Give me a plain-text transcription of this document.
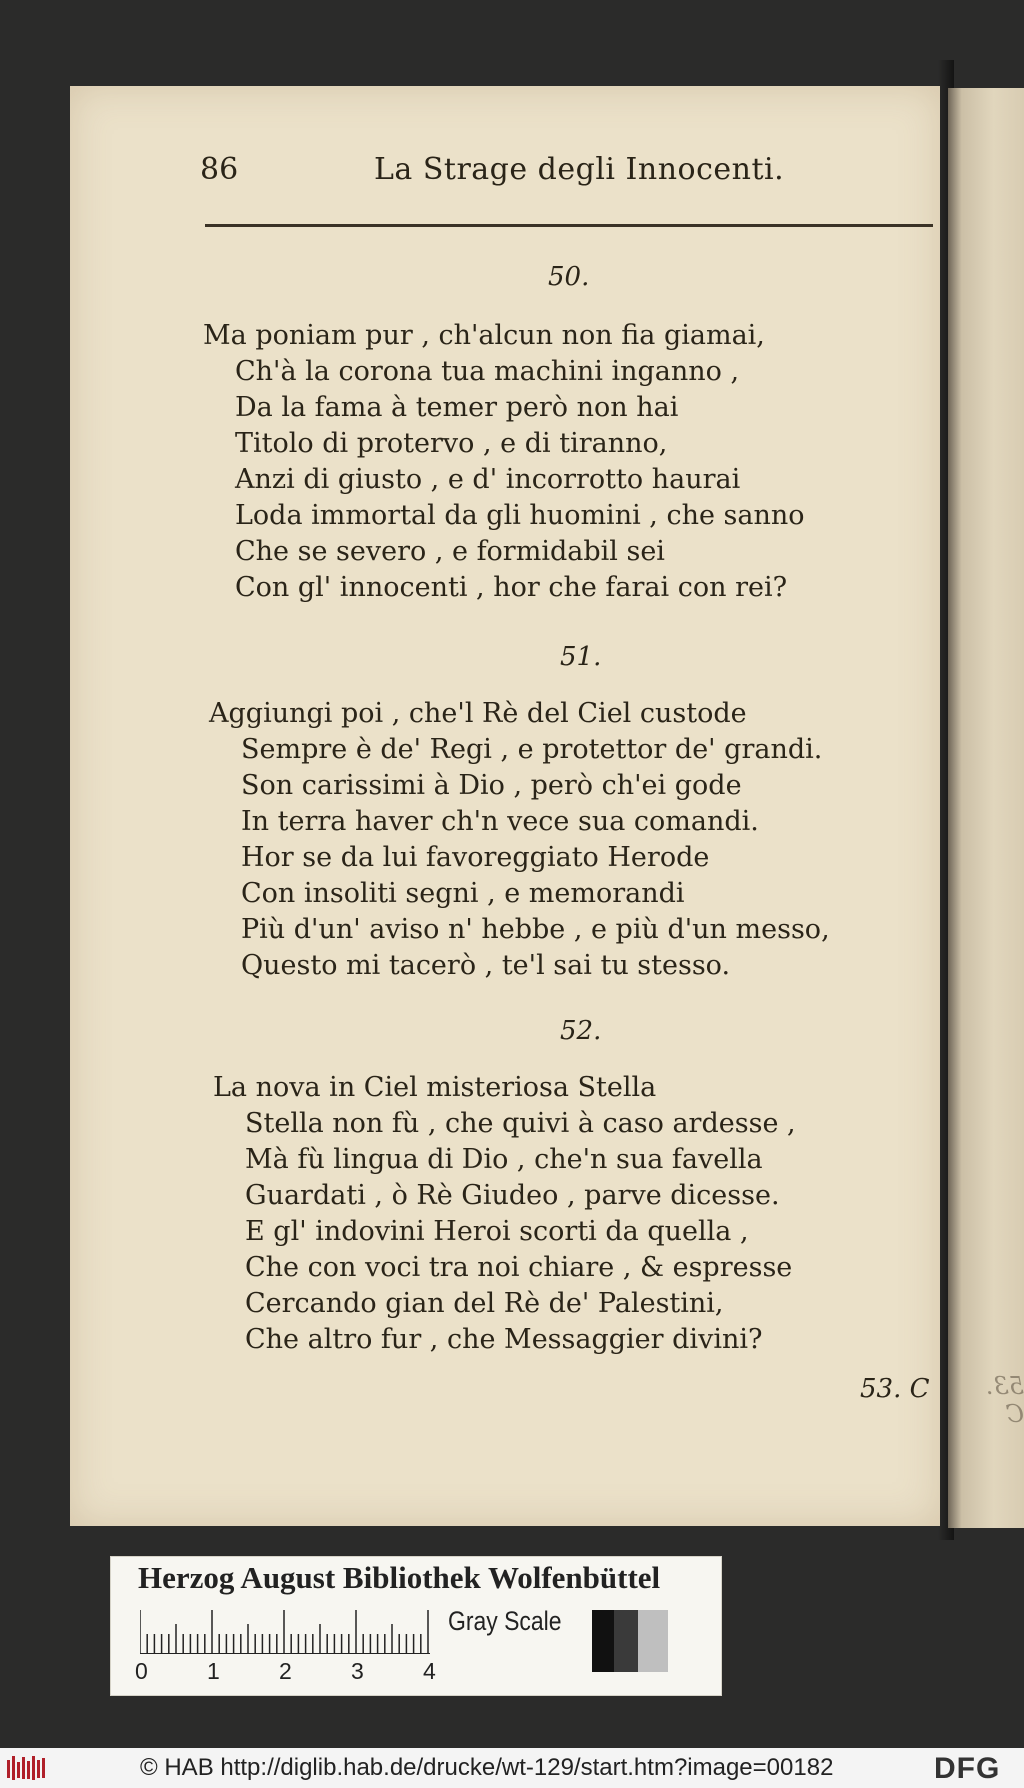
86	La Strage degli Innocenti.
50.
Ma poniam pur , ch'alcun non fia giamai,
Ch'à la corona tua machini inganno ,
Da la fama à temer però non hai
Titolo di protervo , e di tiranno,
Anzi di giusto , e d' incorrotto haurai
Loda immortal da gli huomini , che sanno
Che se severo , e formidabil sei
Con gl' innocenti , hor che farai con rei?
51.
Aggiungi poi , che'l Rè del Ciel custode
Sempre è de' Regi , e protettor de' grandi.
Son carissimi à Dio , però ch'ei gode
In terra haver ch'n vece sua comandi.
Hor se da lui favoreggiato Herode
Con insoliti segni , e memorandi
Più d'un' aviso n' hebbe , e più d'un messo,
Questo mi tacerò , te'l sai tu stesso.
52.
La nova in Ciel misteriosa Stella
Stella non fù , che quivi à caso ardesse ,
Mà fù lingua di Dio , che'n sua favella
Guardati , ò Rè Giudeo , parve dicesse.
E gl' indovini Heroi scorti da quella ,
Che con voci tra noi chiare , & espresse
Cercando gian del Rè de' Palestini,
Che altro fur , che Messaggier divini?
53. C	53. C
Herzog August Bibliothek Wolfenbüttel
0	1	2	3	4
Gray Scale
© HAB http://diglib.hab.de/drucke/wt-129/start.htm?image=00182	DFG
